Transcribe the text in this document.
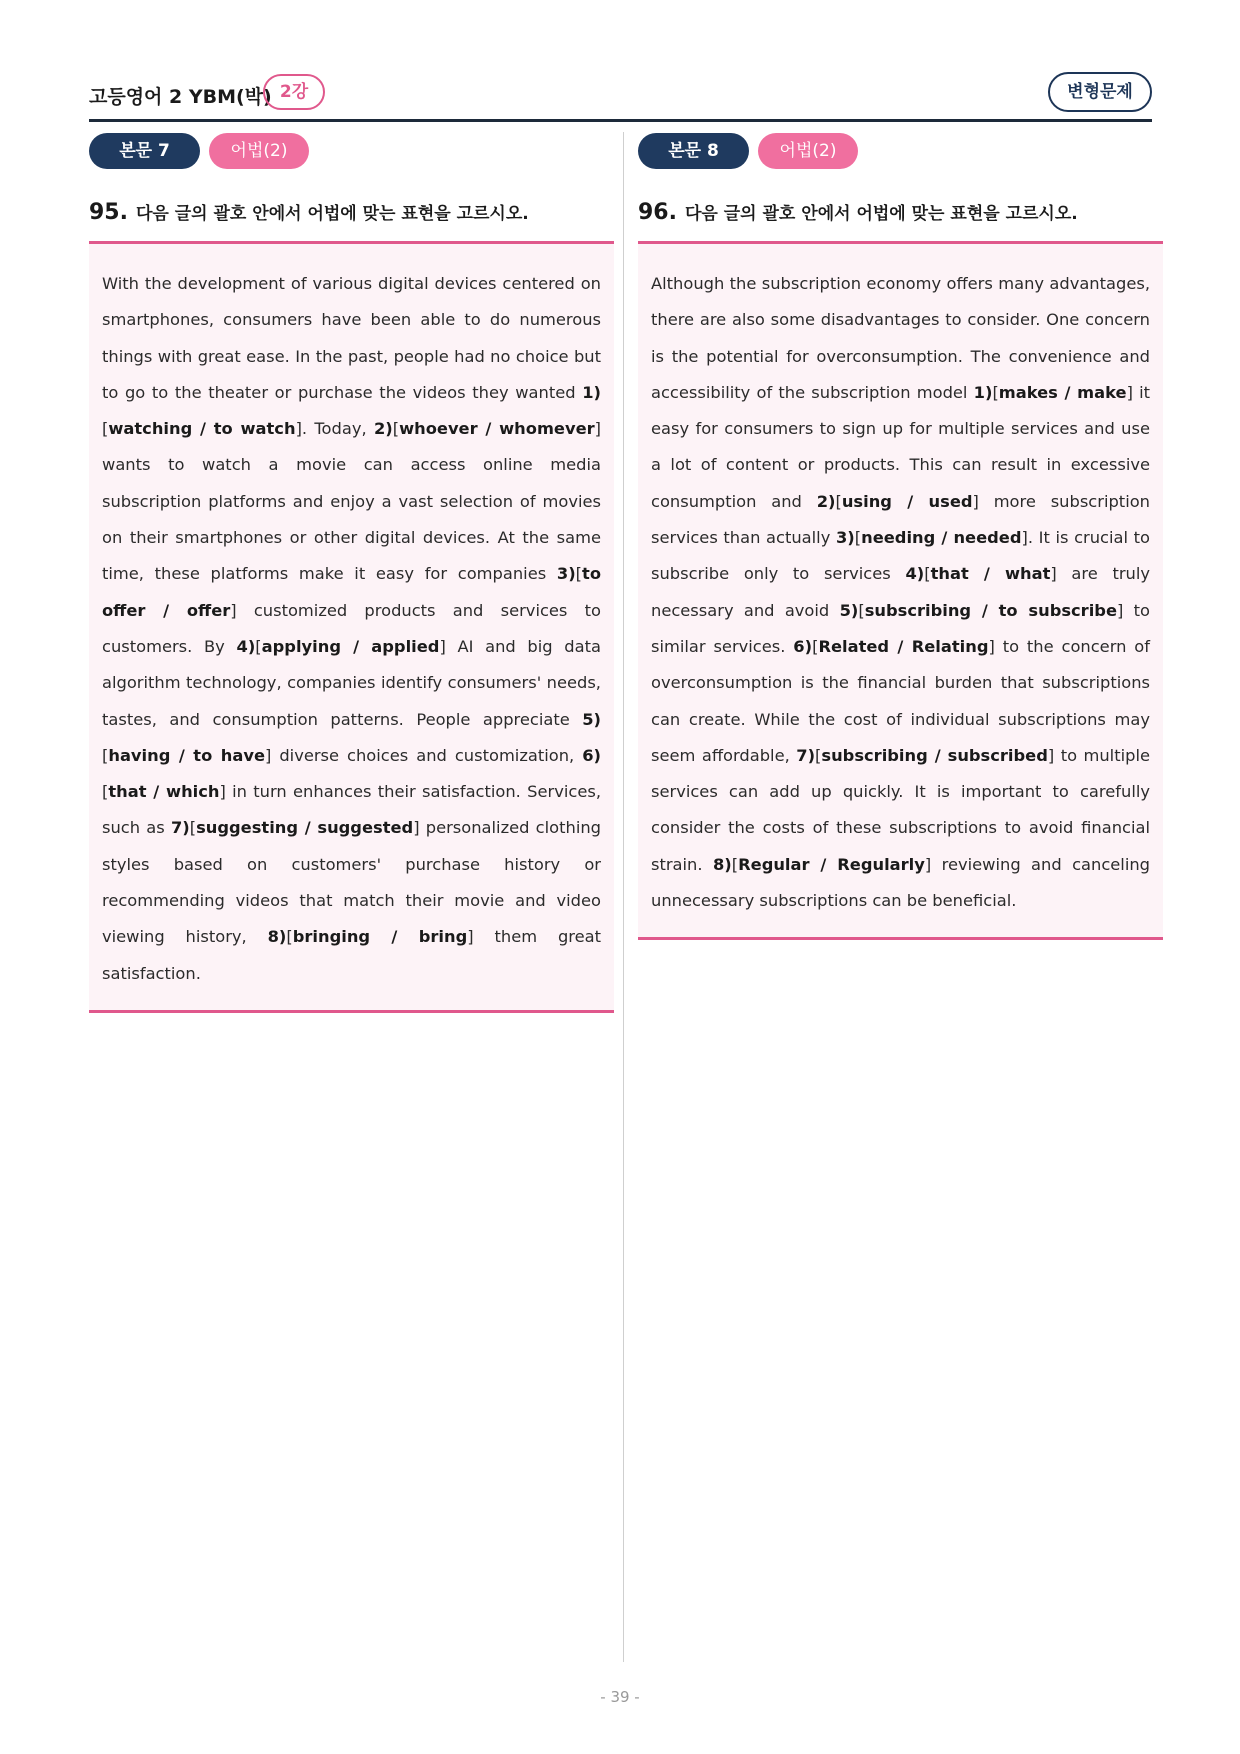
고등영어 2 YBM(박) 2강	변형문제
본문 7	어법(2)
95. 다음 글의 괄호 안에서 어법에 맞는 표현을 고르시오.
With the development of various digital devices centered on smartphones, consumers have been able to do numerous things with great ease. In the past, people had no choice but to go to the theater or purchase the videos they wanted 1)[watching / to watch]. Today, 2)[whoever / whomever] wants to watch a movie can access online media subscription platforms and enjoy a vast selection of movies on their smartphones or other digital devices. At the same time, these platforms make it easy for companies 3)[to offer / offer] customized products and services to customers. By 4)[applying / applied] AI and big data algorithm technology, companies identify consumers' needs, tastes, and consumption patterns. People appreciate 5)[having / to have] diverse choices and customization, 6)[that / which] in turn enhances their satisfaction. Services, such as 7)[suggesting / suggested] personalized clothing styles based on customers' purchase history or recommending videos that match their movie and video viewing history, 8)[bringing / bring] them great satisfaction.
본문 8	어법(2)
96. 다음 글의 괄호 안에서 어법에 맞는 표현을 고르시오.
Although the subscription economy offers many advantages, there are also some disadvantages to consider. One concern is the potential for overconsumption. The convenience and accessibility of the subscription model 1)[makes / make] it easy for consumers to sign up for multiple services and use a lot of content or products. This can result in excessive consumption and 2)[using / used] more subscription services than actually 3)[needing / needed]. It is crucial to subscribe only to services 4)[that / what] are truly necessary and avoid 5)[subscribing / to subscribe] to similar services. 6)[Related / Relating] to the concern of overconsumption is the financial burden that subscriptions can create. While the cost of individual subscriptions may seem affordable, 7)[subscribing / subscribed] to multiple services can add up quickly. It is important to carefully consider the costs of these subscriptions to avoid financial strain. 8)[Regular / Regularly] reviewing and canceling unnecessary subscriptions can be beneficial.
- 39 -
